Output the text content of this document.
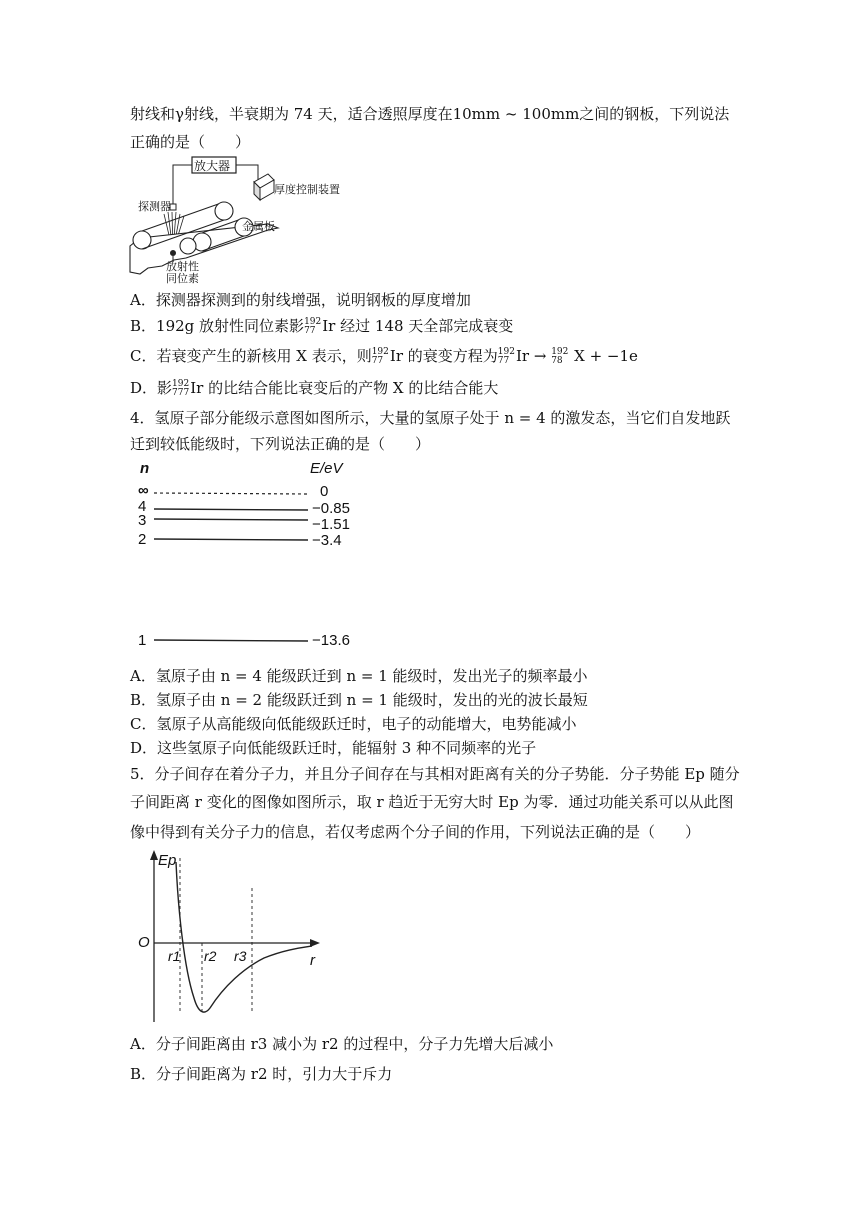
射线和γ射线，半衰期为 74 天，适合透照厚度在10mm ~ 100mm之间的钢板，下列说法
正确的是（　　）
放大器
厚度控制装置
探测器
金属板
放射性
同位素
A．探测器探测到的射线增强，说明钢板的厚度增加
B．192g 放射性同位素影 192
77 Ir 经过 148 天全部完成衰变
C．若衰变产生的新核用 X 表示，则 192
77 Ir 的衰变方程为 192
77 Ir → 192
78 X + −1e
D．影 192
777 Ir 的比结合能比衰变后的产物 X 的比结合能大
4．氢原子部分能级示意图如图所示，大量的氢原子处于 n = 4 的激发态，当它们自发地跃
迁到较低能级时，下列说法正确的是（　　）
n	E/eV
∞	0
4	−0.85
3	−1.51
2	−3.4
1	−13.6
A．氢原子由 n = 4 能级跃迁到 n = 1 能级时，发出光子的频率最小
B．氢原子由 n = 2 能级跃迁到 n = 1 能级时，发出的光的波长最短
C．氢原子从高能级向低能级跃迁时，电子的动能增大，电势能减小
D．这些氢原子向低能级跃迁时，能辐射 3 种不同频率的光子
5．分子间存在着分子力，并且分子间存在与其相对距离有关的分子势能．分子势能 Ep 随分
子间距离 r 变化的图像如图所示，取 r 趋近于无穷大时 Ep 为零．通过功能关系可以从此图
像中得到有关分子力的信息，若仅考虑两个分子间的作用，下列说法正确的是（　　）
Ep
r
O
r1 r2 r3
A．分子间距离由 r3 减小为 r2 的过程中，分子力先增大后减小
B．分子间距离为 r2 时，引力大于斥力
